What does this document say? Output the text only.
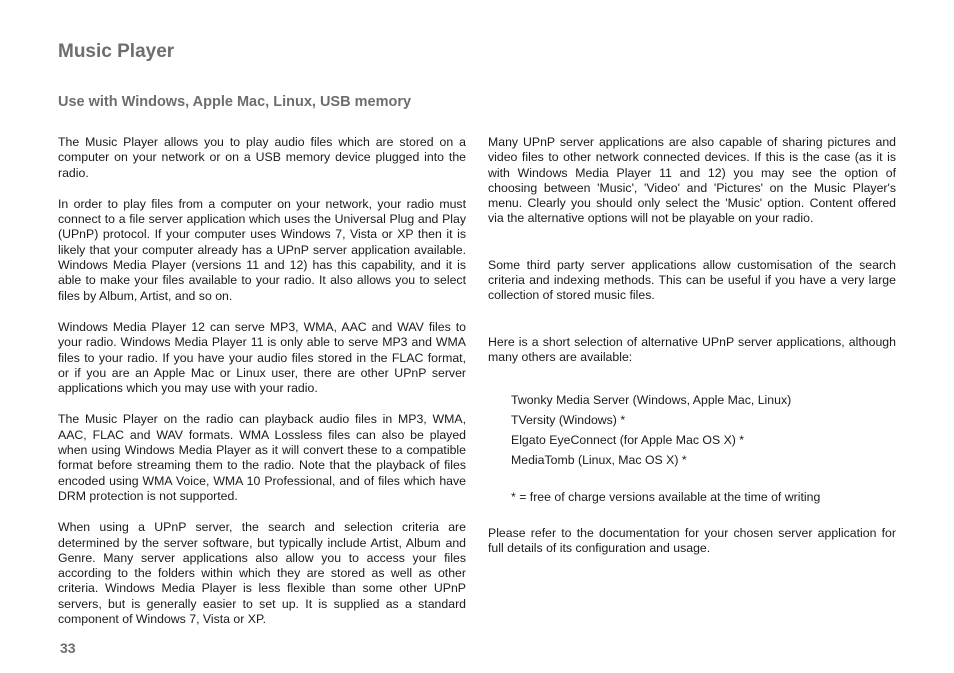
Music Player
Use with Windows, Apple Mac, Linux, USB memory

The Music Player allows you to play audio files which are stored on a computer on your network or on a USB memory device plugged into the radio.

In order to play files from a computer on your network, your radio must connect to a file server application which uses the Universal Plug and Play (UPnP) protocol. If your computer uses Windows 7, Vista or XP then it is likely that your computer already has a UPnP server application available. Windows Media Player (versions 11 and 12) has this capability, and it is able to make your files available to your radio. It also allows you to select files by Album, Artist, and so on.

Windows Media Player 12 can serve MP3, WMA, AAC and WAV files to your radio. Windows Media Player 11 is only able to serve MP3 and WMA files to your radio. If you have your audio files stored in the FLAC format, or if you are an Apple Mac or Linux user, there are other UPnP server applications which you may use with your radio.

The Music Player on the radio can playback audio files in MP3, WMA, AAC, FLAC and WAV formats. WMA Lossless files can also be played when using Windows Media Player as it will convert these to a compatible format before streaming them to the radio. Note that the playback of files encoded using WMA Voice, WMA 10 Professional, and of files which have DRM protection is not supported.

When using a UPnP server, the search and selection criteria are determined by the server software, but typically include Artist, Album and Genre. Many server applications also allow you to access your files according to the folders within which they are stored as well as other criteria. Windows Media Player is less flexible than some other UPnP servers, but is generally easier to set up. It is supplied as a standard component of Windows 7, Vista or XP.

Many UPnP server applications are also capable of sharing pictures and video files to other network connected devices. If this is the case (as it is with Windows Media Player 11 and 12) you may see the option of choosing between 'Music', 'Video' and 'Pictures' on the Music Player's menu. Clearly you should only select the 'Music' option. Content offered via the alternative options will not be playable on your radio.

Some third party server applications allow customisation of the search criteria and indexing methods. This can be useful if you have a very large collection of stored music files.

Here is a short selection of alternative UPnP server applications, although many others are available:

Twonky Media Server (Windows, Apple Mac, Linux)
TVersity (Windows) *
Elgato EyeConnect (for Apple Mac OS X) *
MediaTomb (Linux, Mac OS X) *
* = free of charge versions available at the time of writing

Please refer to the documentation for your chosen server application for full details of its configuration and usage.

33
